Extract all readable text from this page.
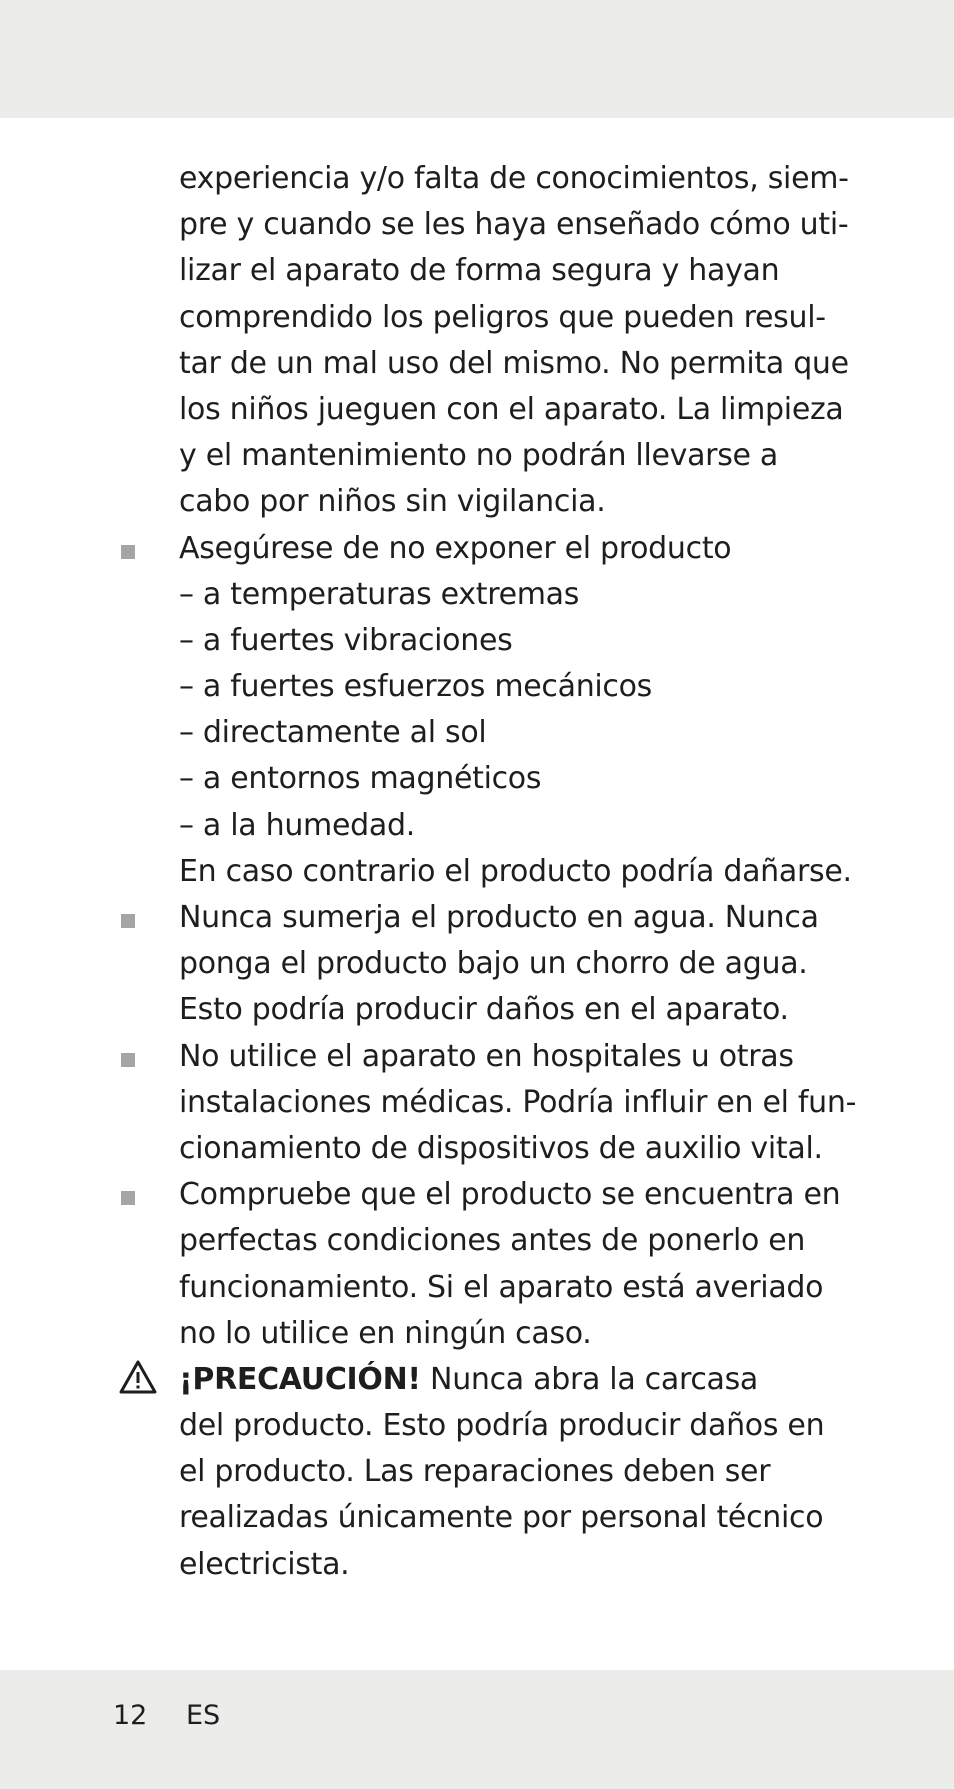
experiencia y/o falta de conocimientos, siem-
pre y cuando se les haya enseñado cómo uti-
lizar el aparato de forma segura y hayan
comprendido los peligros que pueden resul-
tar de un mal uso del mismo. No permita que
los niños jueguen con el aparato. La limpieza
y el mantenimiento no podrán llevarse a
cabo por niños sin vigilancia.
Asegúrese de no exponer el producto
– a temperaturas extremas
– a fuertes vibraciones
– a fuertes esfuerzos mecánicos
– directamente al sol
– a entornos magnéticos
– a la humedad.
En caso contrario el producto podría dañarse.
Nunca sumerja el producto en agua. Nunca
ponga el producto bajo un chorro de agua.
Esto podría producir daños en el aparato.
No utilice el aparato en hospitales u otras
instalaciones médicas. Podría influir en el fun-
cionamiento de dispositivos de auxilio vital.
Compruebe que el producto se encuentra en
perfectas condiciones antes de ponerlo en
funcionamiento. Si el aparato está averiado
no lo utilice en ningún caso.
¡PRECAUCIÓN! Nunca abra la carcasa
del producto. Esto podría producir daños en
el producto. Las reparaciones deben ser
realizadas únicamente por personal técnico
electricista.
12 ES
